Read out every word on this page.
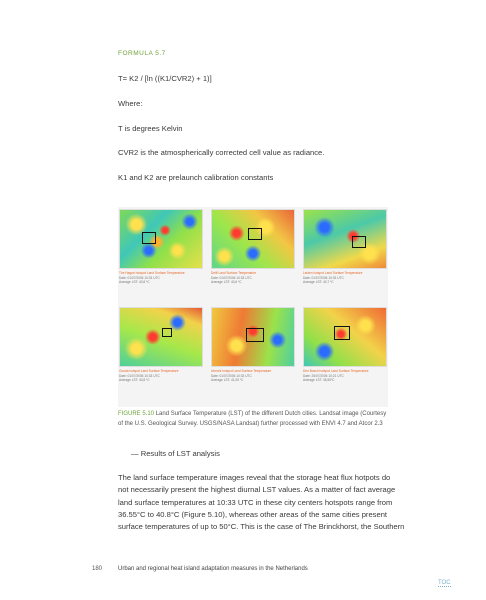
FORMULA 5.7
T= K2 / [ln ((K1/CVR2) + 1)]
Where:
T is degrees Kelvin
CVR2 is the atmospherically corrected cell value as radiance.
K1 and K2 are prelaunch calibration constants
The Hague hotspot Land Surface Temperature
Date: 01/07/2006 10:33 UTC
Average LST: 40,8 ºC
Delft Land Surface Temperature
Date: 01/07/2006 10:33 UTC
Average LST: 40,6 ºC
Leiden hotspot Land Surface Temperature
Date: 01/07/2006 10:33 UTC
Average LST: 40,7 ºC
Gouda hotspot Land Surface Temperature
Date: 01/07/2006 10:33 UTC
Average LST: 40,8 ºC
Utrecht hotspot Land Surface Temperature
Date: 01/07/2006 10:33 UTC
Average LST: 41,05 ºC
Den Bosch hotspot Land Surface Temperature
Date: 25/07/2006 10:21 UTC
Average LST: 36,55ºC
FIGURE 5.10 Land Surface Temperature (LST) of the different Dutch cities. Landsat image (Courtesy of the U.S. Geological Survey. USGS/NASA Landsat) further processed with ENVI 4.7 and Atcor 2.3
— Results of LST analysis
The land surface temperature images reveal that the storage heat flux hotpots do
not necessarily present the highest diurnal LST values. As a matter of fact average
land surface temperatures at 10:33 UTC in these city centers hotspots range from
36.55°C to 40.8°C (Figure 5.10), whereas other areas of the same cities present
surface temperatures of up to 50°C. This is the case of The Brinckhorst, the Southern
180	Urban and regional heat island adaptation measures in the Netherlands
TOC
